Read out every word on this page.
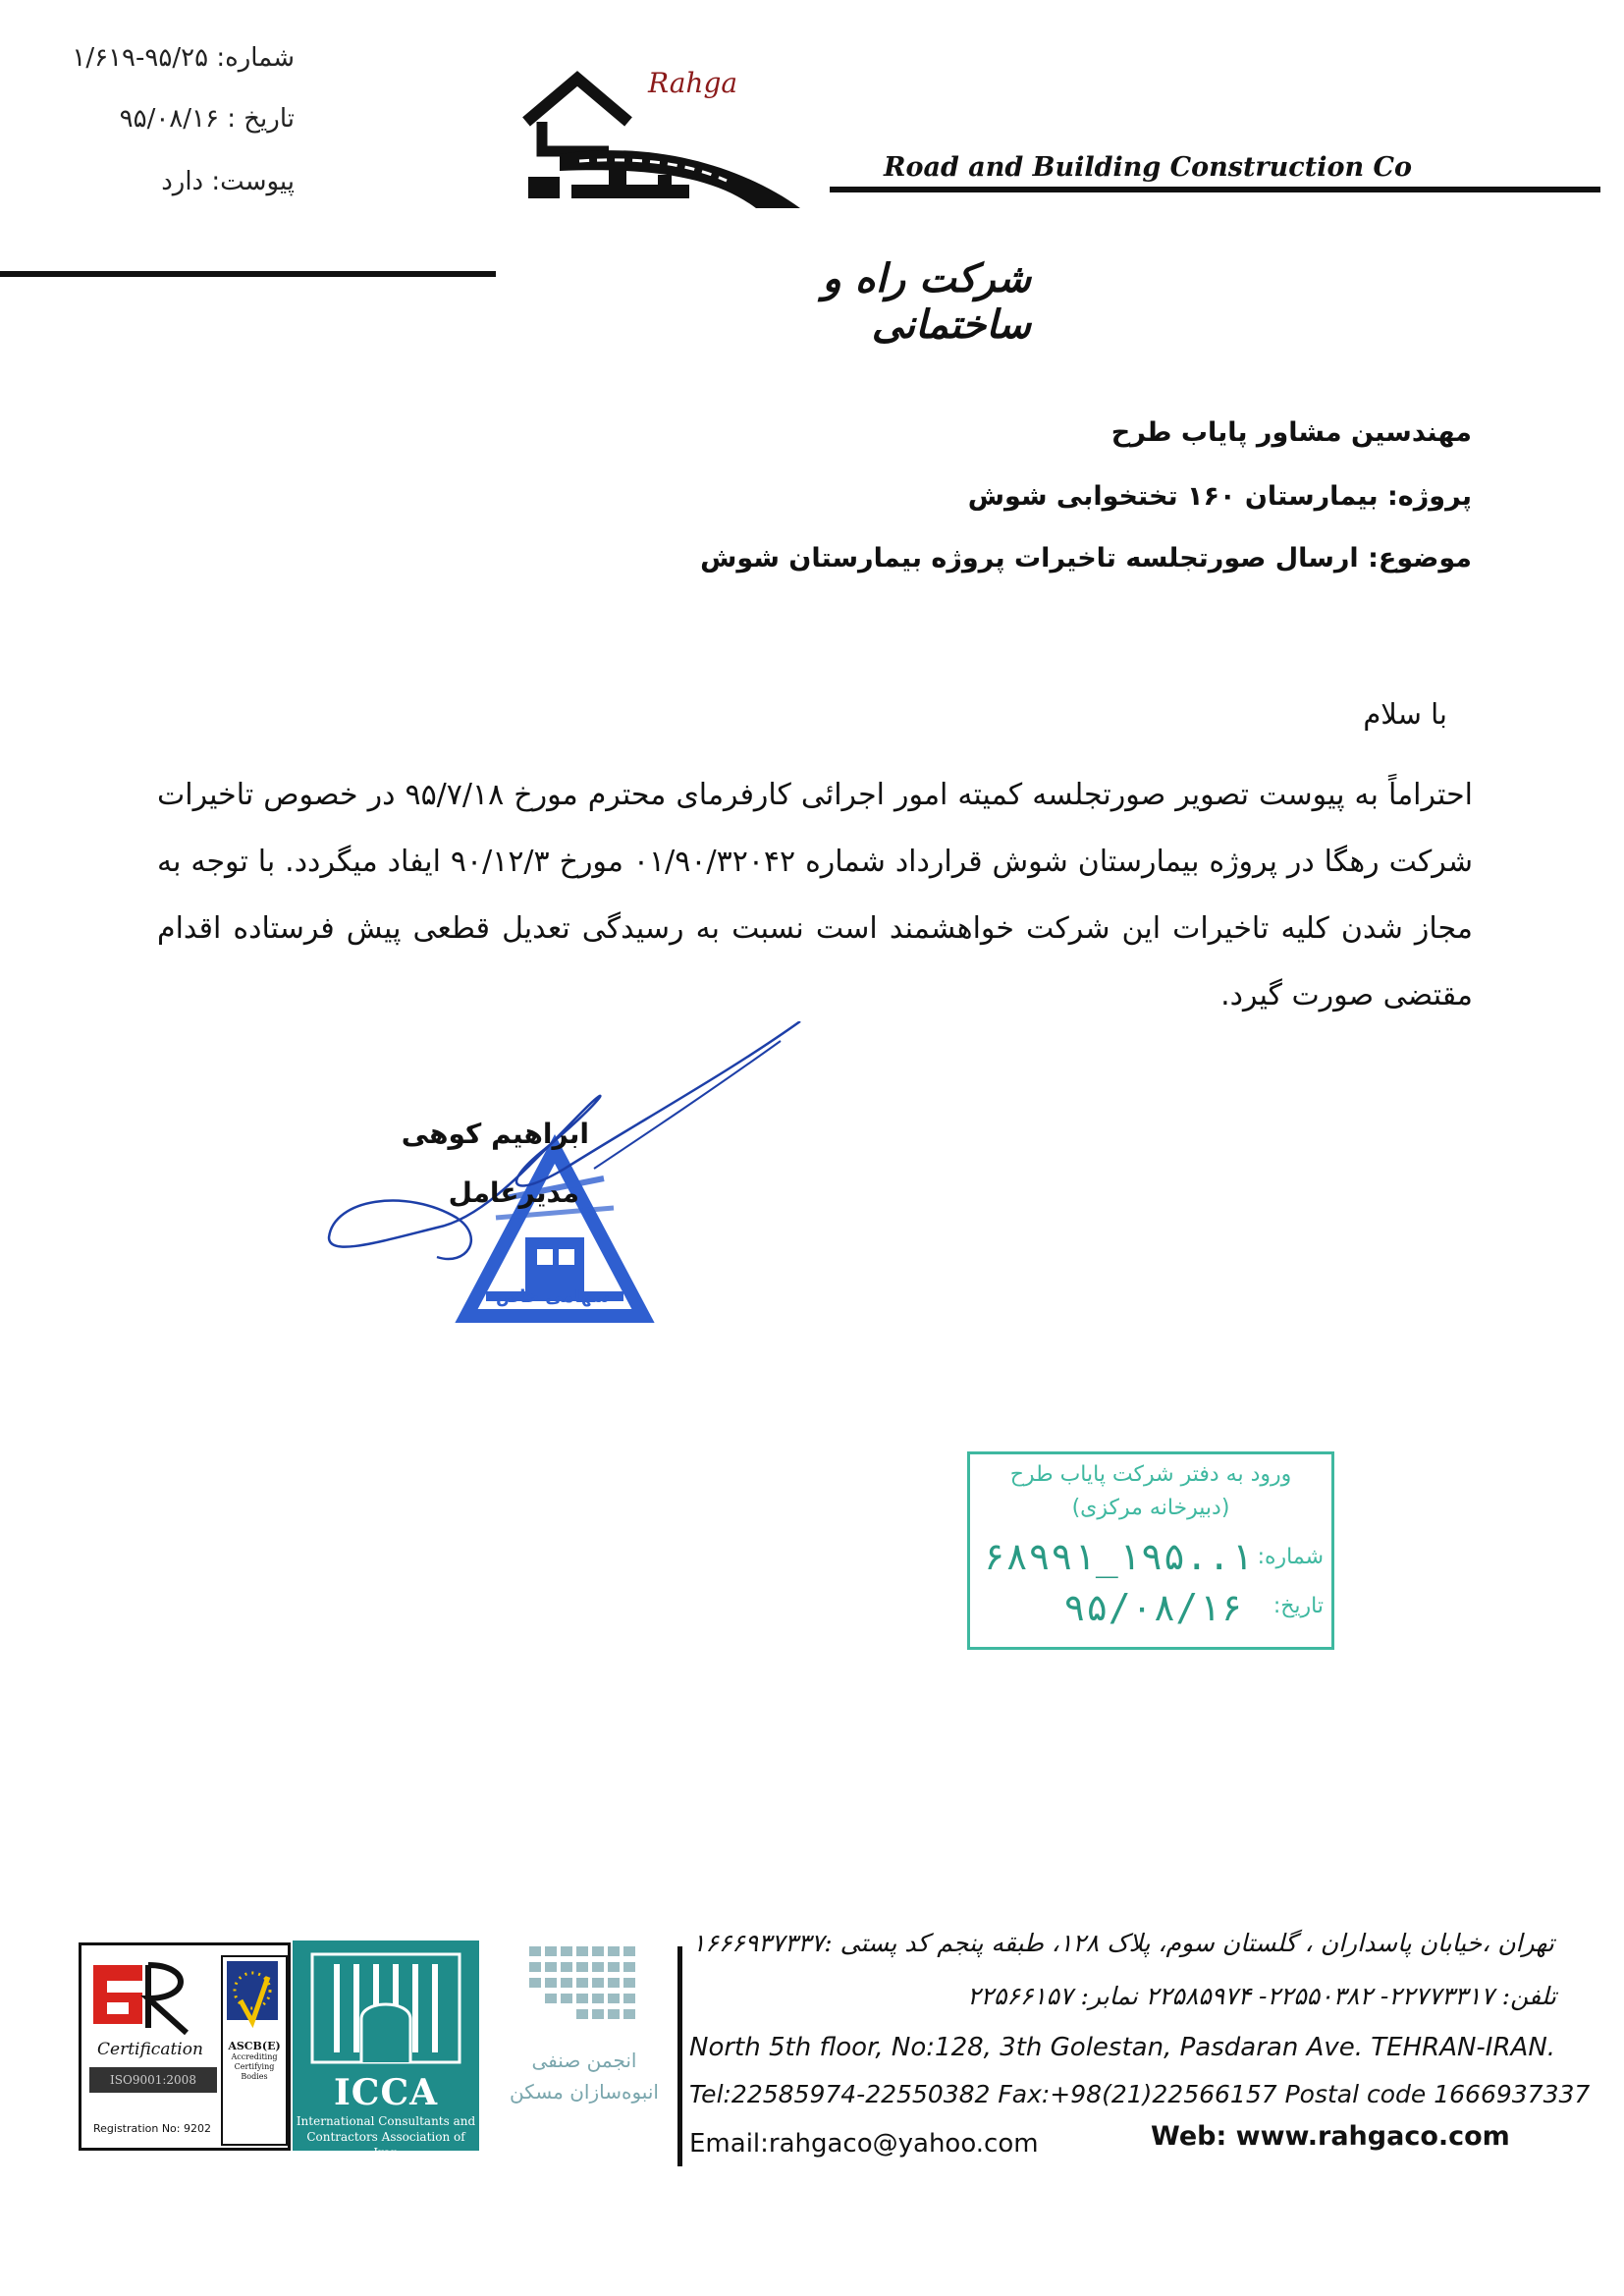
شماره: ۹۵/۲۵-۱/۶۱۹
تاریخ : ۹۵/۰۸/۱۶
پیوست: دارد
Rahga
Road and Building Construction Co
شرکت راه و ساختمانی
مهندسین مشاور پایاب طرح
پروژه: بیمارستان ۱۶۰ تختخوابی شوش
موضوع: ارسال صورتجلسه تاخیرات پروژه بیمارستان شوش
با سلام
احتراماً به پیوست تصویر صورتجلسه کمیته امور اجرائی کارفرمای محترم مورخ ۹۵/۷/۱۸ در خصوص تاخیرات شرکت رهگا در پروژه بیمارستان شوش قرارداد شماره ۰۱/۹۰/۳۲۰۴۲ مورخ ۹۰/۱۲/۳ ایفاد میگردد. با توجه به مجاز شدن کلیه تاخیرات این شرکت خواهشمند است نسبت به رسیدگی تعدیل قطعی پیش فرستاده اقدام مقتضی صورت گیرد.
سهامی خاص
ابراهیم کوهی
مدیرعامل
ورود به دفتر شرکت پایاب طرح
(دبیرخانه مرکزی)
شماره:
۱..۱۹۵_۶۸۹۹۱
تاریخ:
۹۵/۰۸/۱۶
Certification
ISO9001:2008
Registration No: 9202
ASCB(E)
Accrediting Certifying Bodies	ICCA
International Consultants and
Contractors Association of Iran
انجمن صنفی
انبوه‌سازان مسکن
تهران ،خیابان پاسداران ، گلستان سوم، پلاک ۱۲۸، طبقه پنجم کد پستی :۱۶۶۶۹۳۷۳۳۷
تلفن: ۲۲۷۷۳۳۱۷- ۲۲۵۵۰۳۸۲- ۲۲۵۸۵۹۷۴ نمابر: ۲۲۵۶۶۱۵۷
North 5th floor, No:128, 3th Golestan, Pasdaran Ave. TEHRAN-IRAN.
Tel:22585974-22550382 Fax:+98(21)22566157 Postal code 1666937337
Email:rahgaco@yahoo.com	Web: www.rahgaco.com
